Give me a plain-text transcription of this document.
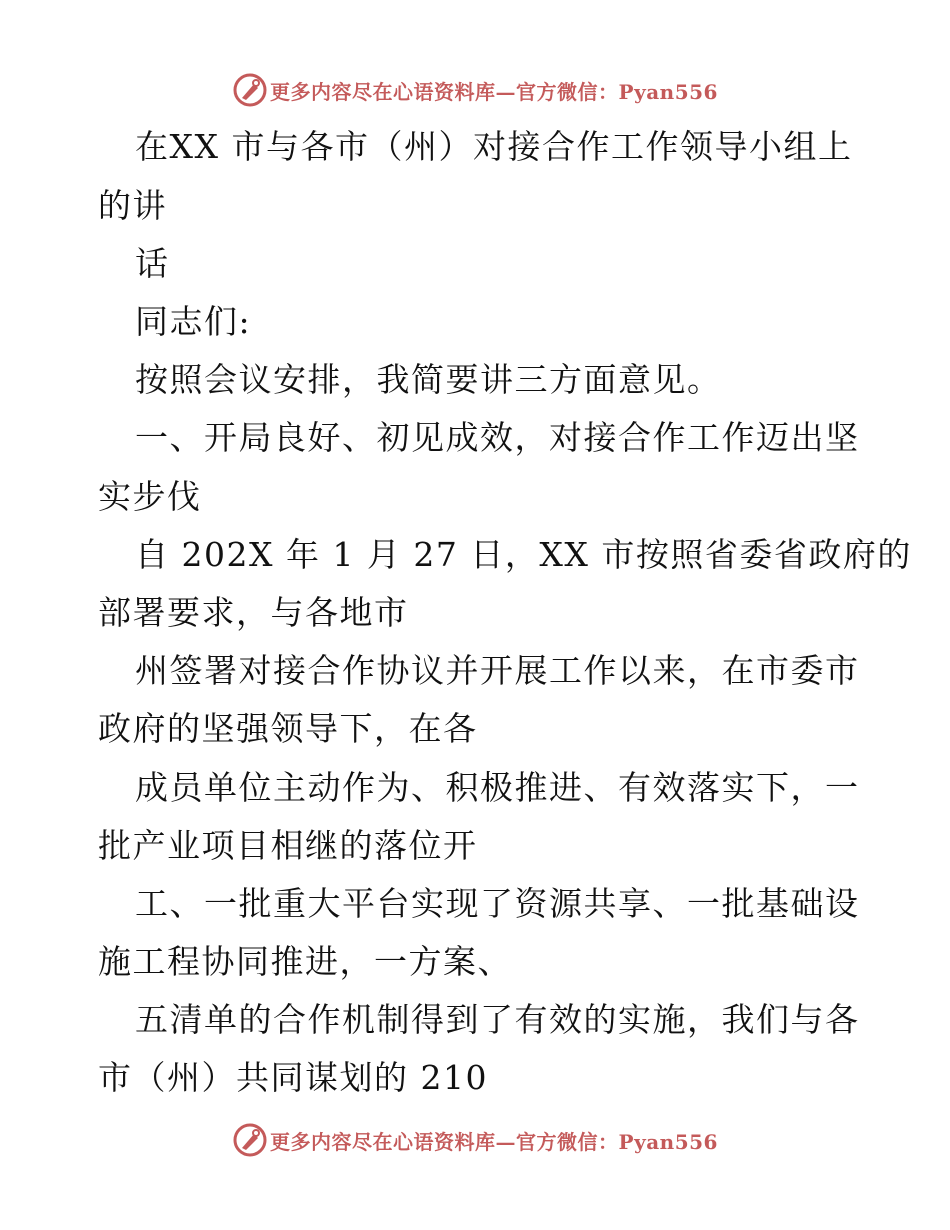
更多内容尽在心语资料库—官方微信：Pyan556
在XX 市与各市（州）对接合作工作领导小组上
的讲
话
同志们:
按照会议安排，我简要讲三方面意见。
一、开局良好、初见成效，对接合作工作迈出坚
实步伐
自 202X 年 1 月 27 日，XX 市按照省委省政府的
部署要求，与各地市
州签署对接合作协议并开展工作以来，在市委市
政府的坚强领导下，在各
成员单位主动作为、积极推进、有效落实下，一
批产业项目相继的落位开
工、一批重大平台实现了资源共享、一批基础设
施工程协同推进，一方案、
五清单的合作机制得到了有效的实施，我们与各
市（州）共同谋划的 210
更多内容尽在心语资料库—官方微信：Pyan556
